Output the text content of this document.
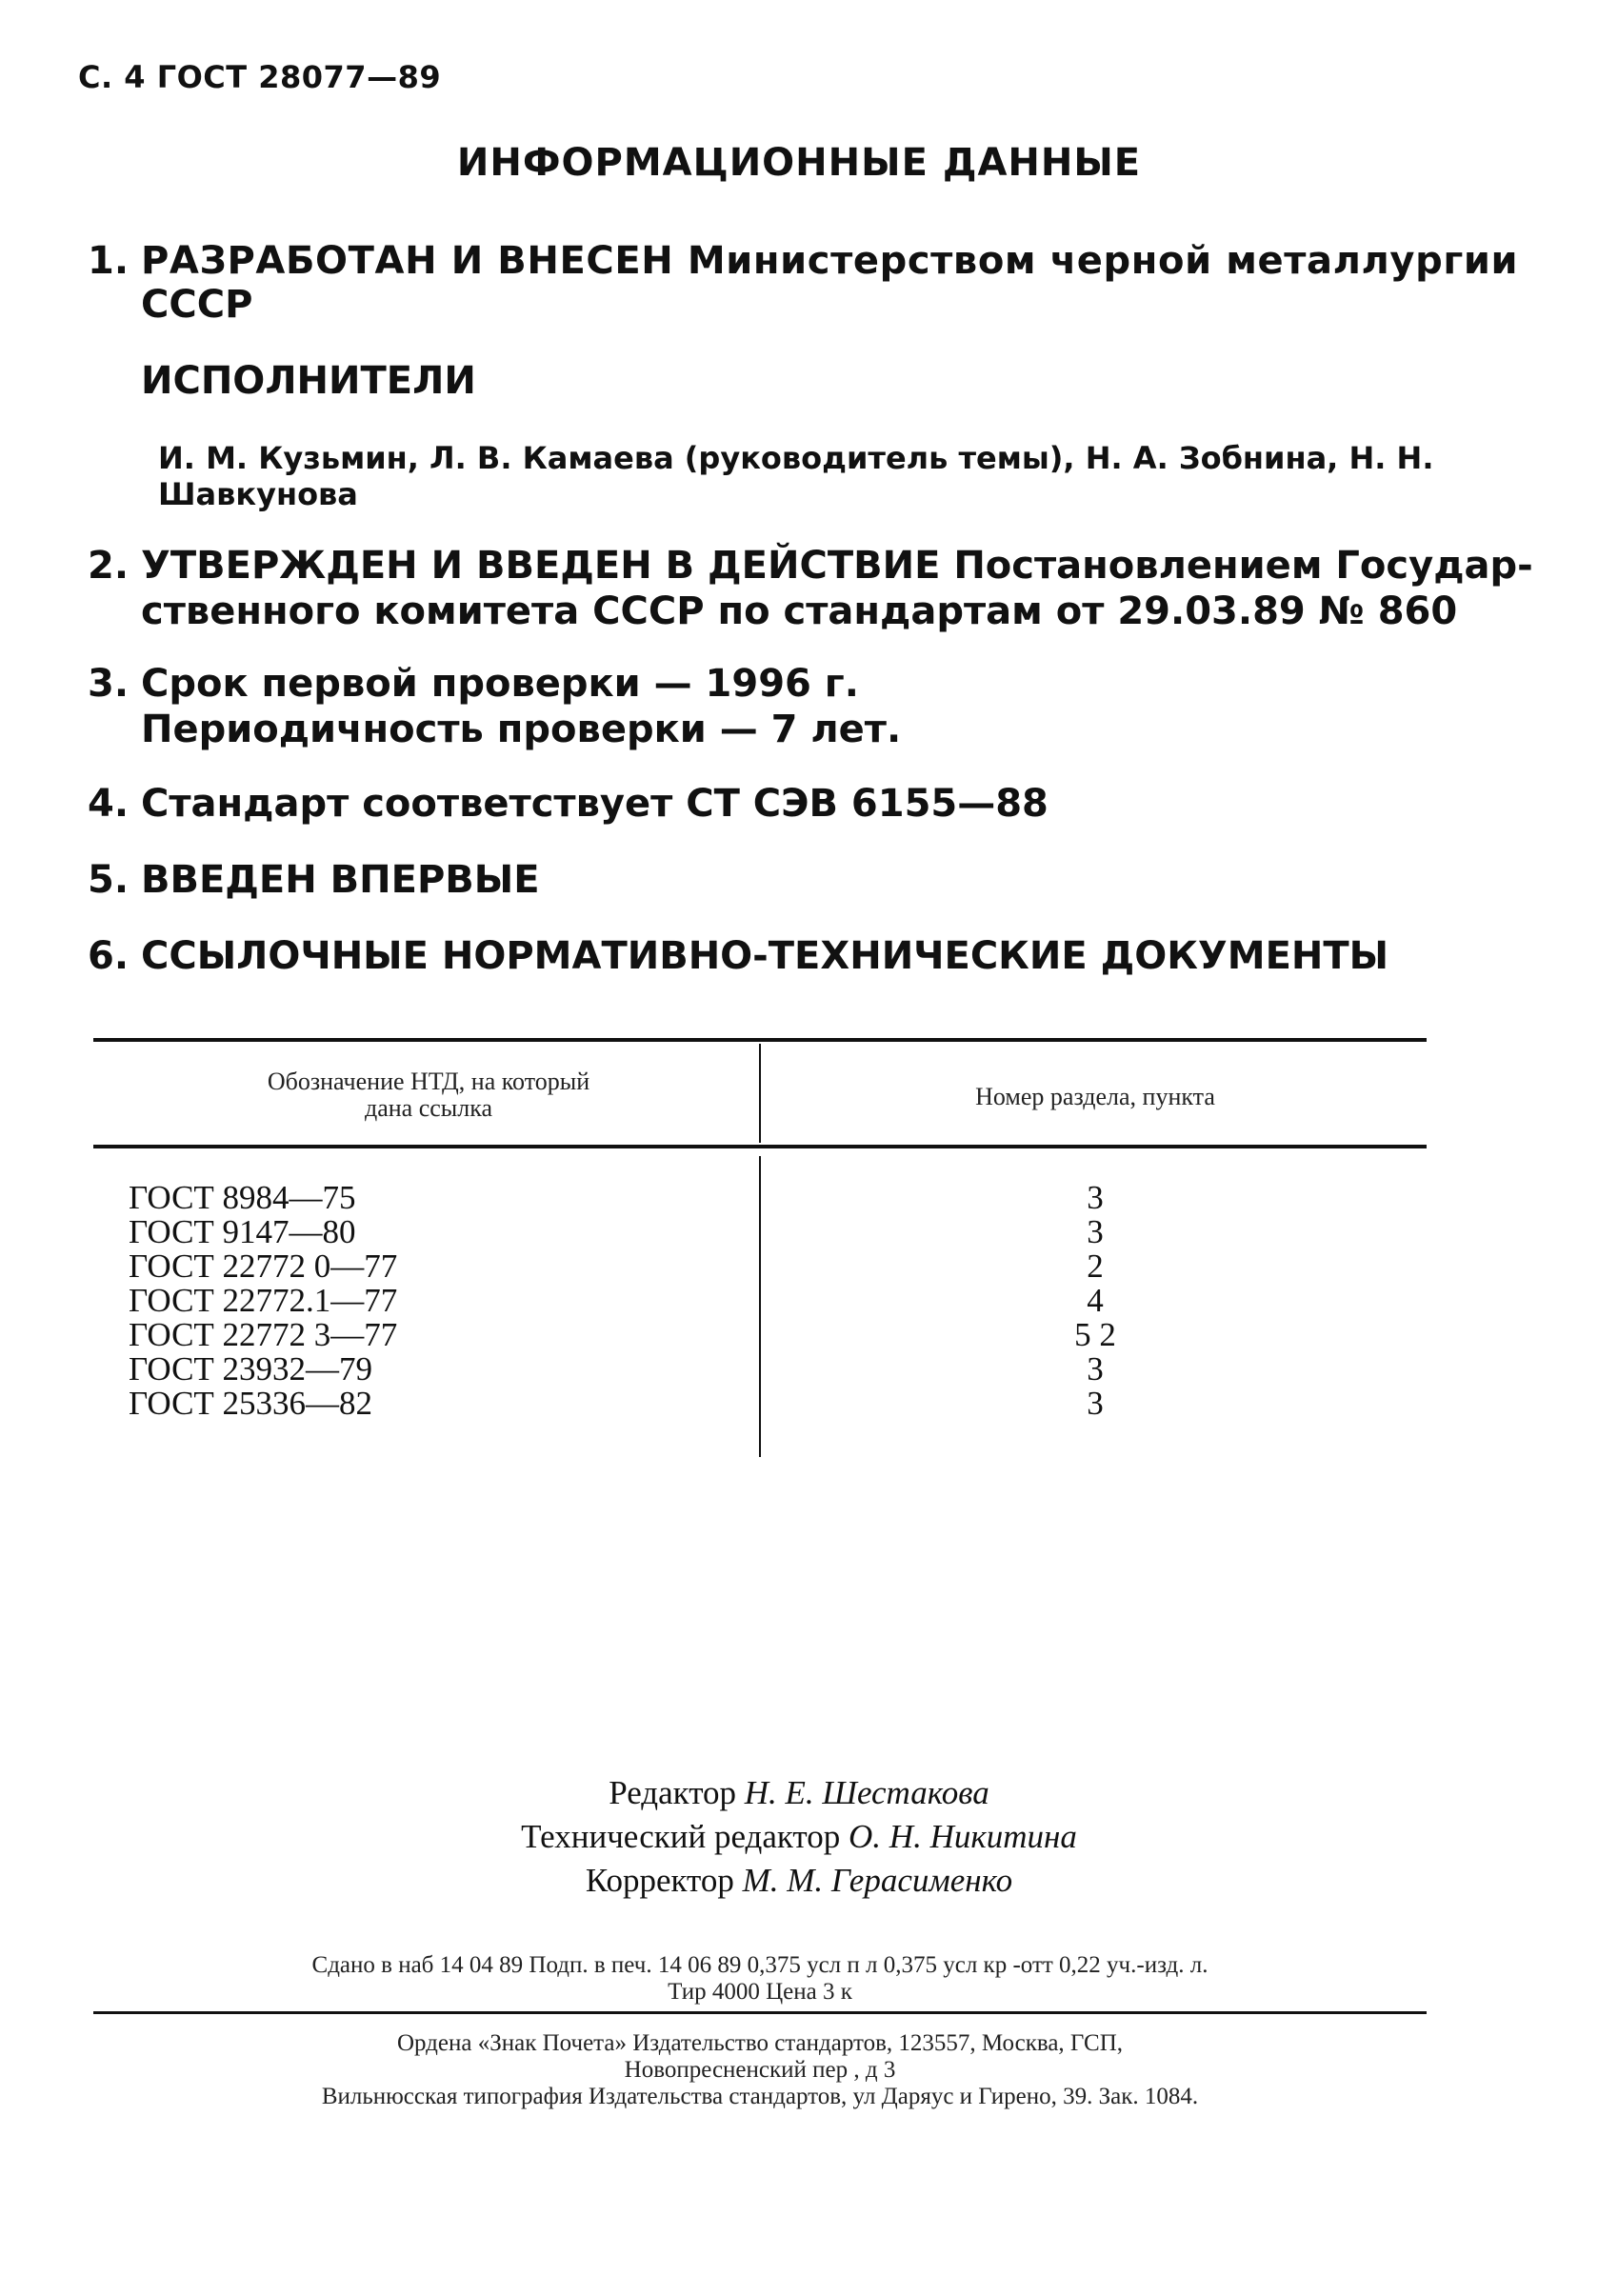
С. 4 ГОСТ 28077—89
ИНФОРМАЦИОННЫЕ ДАННЫЕ
1. РАЗРАБОТАН И ВНЕСЕН Министерством черной металлургии
СССР
ИСПОЛНИТЕЛИ
И. М. Кузьмин, Л. В. Камаева (руководитель темы), Н. А. Зобнина, Н. Н.
Шавкунова
2. УТВЕРЖДЕН И ВВЕДЕН В ДЕЙСТВИЕ Постановлением Государ-
ственного комитета СССР по стандартам от 29.03.89 № 860
3. Срок первой проверки — 1996 г.
Периодичность проверки — 7 лет.
4. Стандарт соответствует СТ СЭВ 6155—88
5. ВВЕДЕН ВПЕРВЫЕ
6. ССЫЛОЧНЫЕ НОРМАТИВНО-ТЕХНИЧЕСКИЕ ДОКУМЕНТЫ
Обозначение НТД, на который
дана ссылка	Номер раздела, пункта
ГОСТ 8984—75
ГОСТ 9147—80
ГОСТ 22772 0—77
ГОСТ 22772.1—77
ГОСТ 22772 3—77
ГОСТ 23932—79
ГОСТ 25336—82
3
3
2
4
5 2
3
3
Редактор Н. Е. Шестакова
Технический редактор О. Н. Никитина
Корректор М. М. Герасименко
Сдано в наб 14 04 89 Подп. в печ. 14 06 89 0,375 усл п л 0,375 усл кр -отт 0,22 уч.-изд. л.
Тир 4000 Цена 3 к
Ордена «Знак Почета» Издательство стандартов, 123557, Москва, ГСП,
Новопресненский пер , д 3
Вильнюсская типография Издательства стандартов, ул Даряус и Гирено, 39. Зак. 1084.
